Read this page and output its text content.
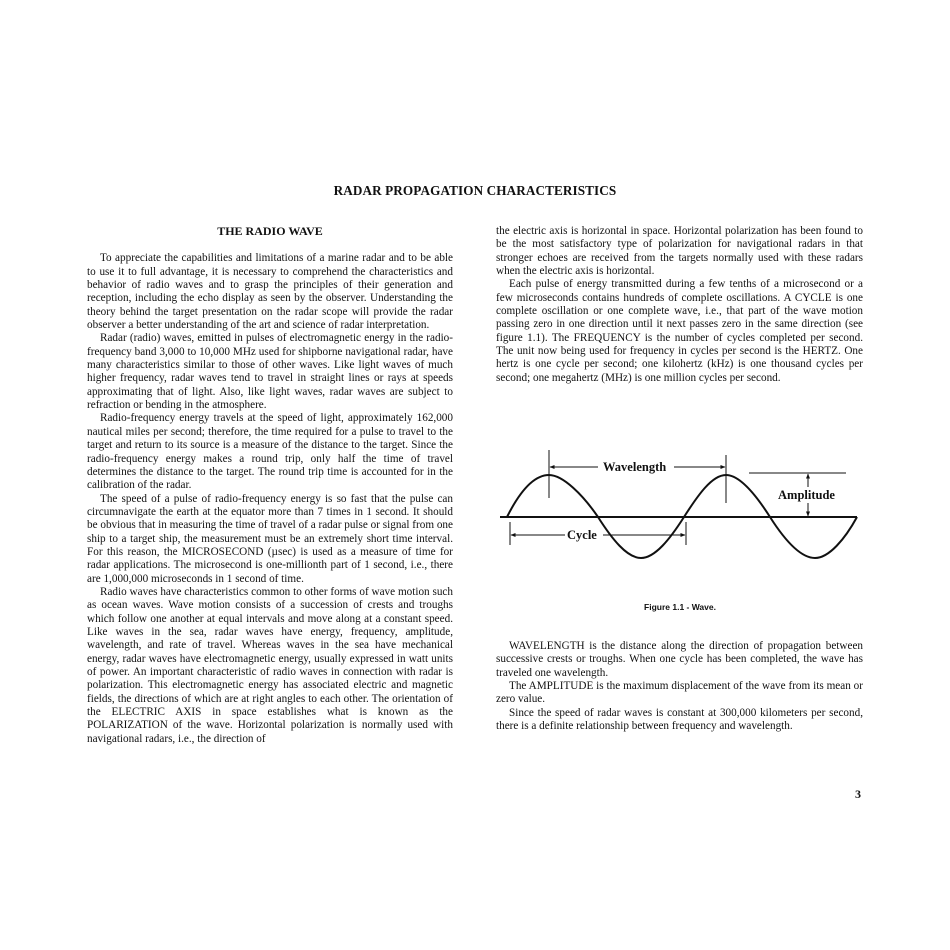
RADAR PROPAGATION CHARACTERISTICS
THE RADIO WAVE

To appreciate the capabilities and limitations of a marine radar and to be able to use it to full advantage, it is necessary to comprehend the characteristics and behavior of radio waves and to grasp the principles of their generation and reception, including the echo display as seen by the observer. Understanding the theory behind the target presentation on the radar scope will provide the radar observer a better understanding of the art and science of radar interpretation.

Radar (radio) waves, emitted in pulses of electromagnetic energy in the radio-frequency band 3,000 to 10,000 MHz used for shipborne navigational radar, have many characteristics similar to those of other waves. Like light waves of much higher frequency, radar waves tend to travel in straight lines or rays at speeds approximating that of light. Also, like light waves, radar waves are subject to refraction or bending in the atmosphere.

Radio-frequency energy travels at the speed of light, approximately 162,000 nautical miles per second; therefore, the time required for a pulse to travel to the target and return to its source is a measure of the distance to the target. Since the radio-frequency energy makes a round trip, only half the time of travel determines the distance to the target. The round trip time is accounted for in the calibration of the radar.

The speed of a pulse of radio-frequency energy is so fast that the pulse can circumnavigate the earth at the equator more than 7 times in 1 second. It should be obvious that in measuring the time of travel of a radar pulse or signal from one ship to a target ship, the measurement must be an extremely short time interval. For this reason, the MICROSECOND (µsec) is used as a measure of time for radar applications. The microsecond is one-millionth part of 1 second, i.e., there are 1,000,000 microseconds in 1 second of time.

Radio waves have characteristics common to other forms of wave motion such as ocean waves. Wave motion consists of a succession of crests and troughs which follow one another at equal intervals and move along at a constant speed. Like waves in the sea, radar waves have energy, frequency, amplitude, wavelength, and rate of travel. Whereas waves in the sea have mechanical energy, radar waves have electromagnetic energy, usually expressed in watt units of power. An important characteristic of radio waves in connection with radar is polarization. This electromagnetic energy has associated electric and magnetic fields, the directions of which are at right angles to each other. The orientation of the ELECTRIC AXIS in space establishes what is known as the POLARIZATION of the wave. Horizontal polarization is normally used with navigational radars, i.e., the direction of

the electric axis is horizontal in space. Horizontal polarization has been found to be the most satisfactory type of polarization for navigational radars in that stronger echoes are received from the targets normally used with these radars when the electric axis is horizontal.

Each pulse of energy transmitted during a few tenths of a microsecond or a few microseconds contains hundreds of complete oscillations. A CYCLE is one complete oscillation or one complete wave, i.e., that part of the wave motion passing zero in one direction until it next passes zero in the same direction (see figure 1.1). The FREQUENCY is the number of cycles completed per second. The unit now being used for frequency in cycles per second is the HERTZ. One hertz is one cycle per second; one kilohertz (kHz) is one thousand cycles per second; one megahertz (MHz) is one million cycles per second.

Wavelength
Amplitude
Cycle
Figure 1.1 - Wave.

WAVELENGTH is the distance along the direction of propagation between successive crests or troughs. When one cycle has been completed, the wave has traveled one wavelength.

The AMPLITUDE is the maximum displacement of the wave from its mean or zero value.

Since the speed of radar waves is constant at 300,000 kilometers per second, there is a definite relationship between frequency and wavelength.

3
